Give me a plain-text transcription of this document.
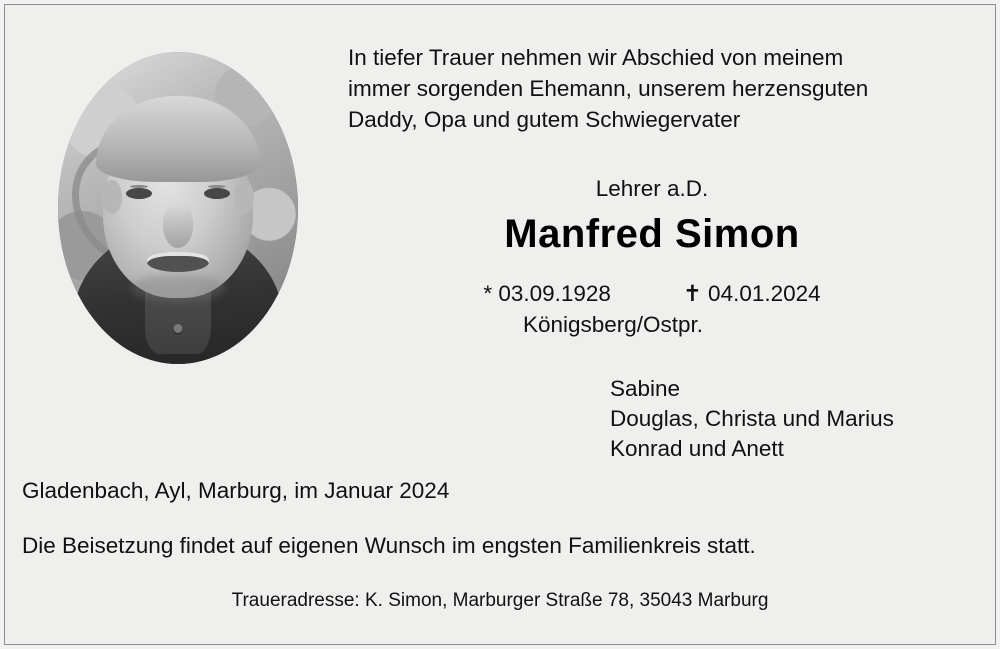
In tiefer Trauer nehmen wir Abschied von meinem
immer sorgenden Ehemann, unserem herzensguten
Daddy, Opa und gutem Schwiegervater
Lehrer a.D.
Manfred Simon
* 03.09.1928	✝ 04.01.2024
Königsberg/Ostpr.
Sabine
Douglas, Christa und Marius
Konrad und Anett
Gladenbach, Ayl, Marburg, im Januar 2024
Die Beisetzung findet auf eigenen Wunsch im engsten Familienkreis statt.
Traueradresse: K. Simon, Marburger Straße 78, 35043 Marburg
